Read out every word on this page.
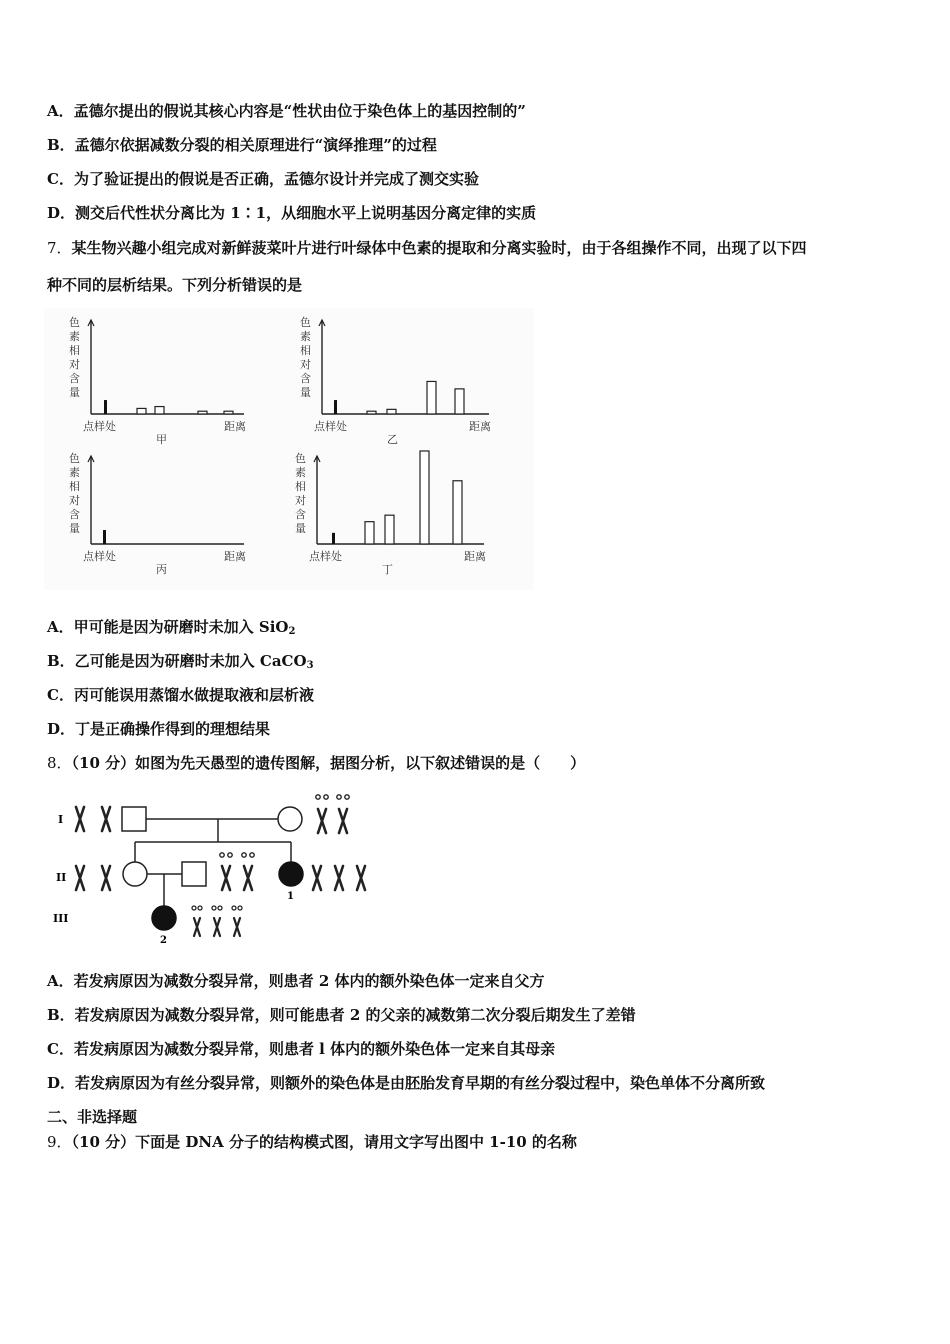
A．孟德尔提出的假说其核心内容是“性状由位于染色体上的基因控制的”
B．孟德尔依据减数分裂的相关原理进行“演绎推理”的过程
C．为了验证提出的假说是否正确，孟德尔设计并完成了测交实验
D．测交后代性状分离比为 1∶1，从细胞水平上说明基因分离定律的实质
7．某生物兴趣小组完成对新鲜菠菜叶片进行叶绿体中色素的提取和分离实验时，由于各组操作不同，出现了以下四
种不同的层析结果。下列分析错误的是
色
素
相
对
含
量
点样处	距离
甲
色
素
相
对
含
量
点样处	距离
乙
色
素
相
对
含
量
点样处	距离
丙
色
素
相
对
含
量
点样处	距离
丁
A．甲可能是因为研磨时未加入 SiO$_2$
B．乙可能是因为研磨时未加入 CaCO$_3$
C．丙可能误用蒸馏水做提取液和层析液
D．丁是正确操作得到的理想结果
8．（10 分）如图为先天愚型的遗传图解，据图分析，以下叙述错误的是（　　）
I
II
III
1
2
A．若发病原因为减数分裂异常，则患者 2 体内的额外染色体一定来自父方
B．若发病原因为减数分裂异常，则可能患者 2 的父亲的减数第二次分裂后期发生了差错
C．若发病原因为减数分裂异常，则患者 l 体内的额外染色体一定来自其母亲
D．若发病原因为有丝分裂异常，则额外的染色体是由胚胎发育早期的有丝分裂过程中，染色单体不分离所致
二、非选择题
9．（10 分）下面是 DNA 分子的结构模式图，请用文字写出图中 1-10 的名称
